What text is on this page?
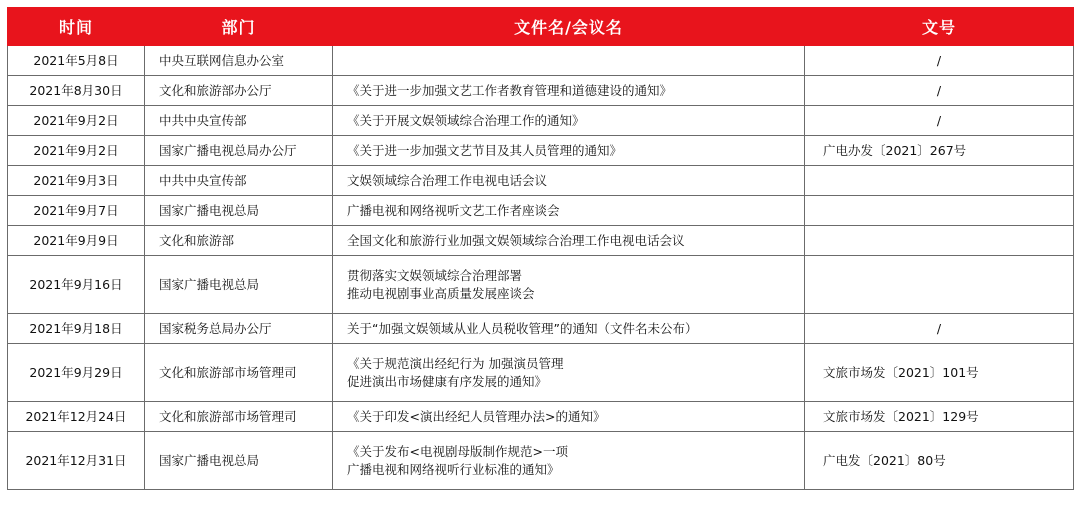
时间	部门	文件名/会议名	文号
2021年5月8日	中央互联网信息办公室		/
2021年8月30日	文化和旅游部办公厅	《关于进一步加强文艺工作者教育管理和道德建设的通知》	/
2021年9月2日	中共中央宣传部	《关于开展文娱领域综合治理工作的通知》	/
2021年9月2日	国家广播电视总局办公厅	《关于进一步加强文艺节目及其人员管理的通知》	广电办发〔2021〕267号
2021年9月3日	中共中央宣传部	文娱领域综合治理工作电视电话会议	

2021年9月7日	国家广播电视总局	广播电视和网络视听文艺工作者座谈会	

2021年9月9日	文化和旅游部	全国文化和旅游行业加强文娱领域综合治理工作电视电话会议	

2021年9月16日	国家广播电视总局	贯彻落实文娱领域综合治理部署
推动电视剧事业高质量发展座谈会	

2021年9月18日	国家税务总局办公厅	关于“加强文娱领域从业人员税收管理”的通知（文件名未公布）	/
2021年9月29日	文化和旅游部市场管理司	《关于规范演出经纪行为 加强演员管理
促进演出市场健康有序发展的通知》	文旅市场发〔2021〕101号
2021年12月24日	文化和旅游部市场管理司	《关于印发<演出经纪人员管理办法>的通知》	文旅市场发〔2021〕129号
2021年12月31日	国家广播电视总局	《关于发布<电视剧母版制作规范>一项
广播电视和网络视听行业标准的通知》	广电发〔2021〕80号
